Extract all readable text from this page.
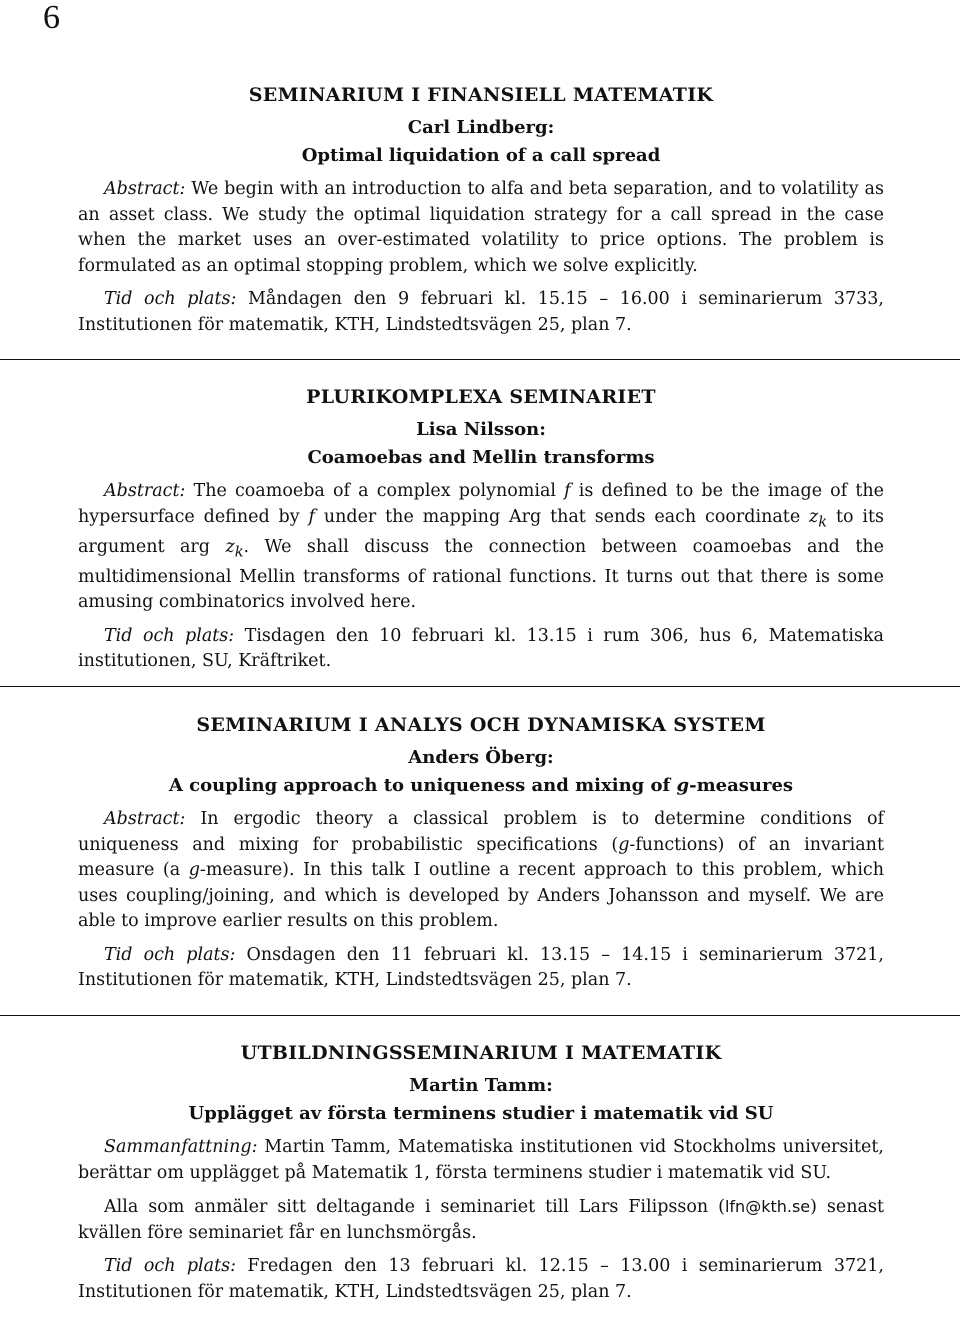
6
SEMINARIUM I FINANSIELL MATEMATIK
Carl Lindberg:
Optimal liquidation of a call spread

Abstract: We begin with an introduction to alfa and beta separation, and to volatility as an asset class. We study the optimal liquidation strategy for a call spread in the case when the market uses an over-estimated volatility to price options. The problem is formulated as an optimal stopping problem, which we solve explicitly.

Tid och plats: Måndagen den 9 februari kl. 15.15 – 16.00 i seminarierum 3733, Institutionen för matematik, KTH, Lindstedtsvägen 25, plan 7.

PLURIKOMPLEXA SEMINARIET
Lisa Nilsson:
Coamoebas and Mellin transforms

Abstract: The coamoeba of a complex polynomial f is defined to be the image of the hypersurface defined by f under the mapping Arg that sends each coordinate $z_k$ to its argument arg $z_k$. We shall discuss the connection between coamoebas and the multidimensional Mellin transforms of rational functions. It turns out that there is some amusing combinatorics involved here.

Tid och plats: Tisdagen den 10 februari kl. 13.15 i rum 306, hus 6, Matematiska institutionen, SU, Kräftriket.

SEMINARIUM I ANALYS OCH DYNAMISKA SYSTEM
Anders Öberg:
A coupling approach to uniqueness and mixing of g-measures

Abstract: In ergodic theory a classical problem is to determine conditions of uniqueness and mixing for probabilistic specifications (g-functions) of an invariant measure (a g-measure). In this talk I outline a recent approach to this problem, which uses coupling/joining, and which is developed by Anders Johansson and myself. We are able to improve earlier results on this problem.

Tid och plats: Onsdagen den 11 februari kl. 13.15 – 14.15 i seminarierum 3721, Institutionen för matematik, KTH, Lindstedtsvägen 25, plan 7.

UTBILDNINGSSEMINARIUM I MATEMATIK
Martin Tamm:
Upplägget av första terminens studier i matematik vid SU

Sammanfattning: Martin Tamm, Matematiska institutionen vid Stockholms universitet, berättar om upplägget på Matematik 1, första terminens studier i matematik vid SU.

Alla som anmäler sitt deltagande i seminariet till Lars Filipsson (lfn@kth.se) senast kvällen före seminariet får en lunchsmörgås.

Tid och plats: Fredagen den 13 februari kl. 12.15 – 13.00 i seminarierum 3721, Institutionen för matematik, KTH, Lindstedtsvägen 25, plan 7.
